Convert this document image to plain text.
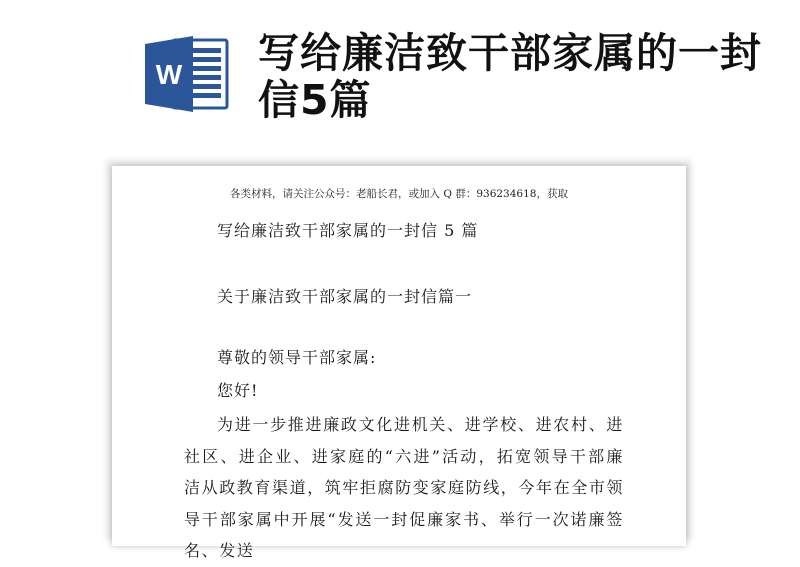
W 写给廉洁致干部家属的一封信5篇
各类材料，请关注公众号：老船长君，或加入 Q 群：936234618，获取
写给廉洁致干部家属的一封信 5 篇
关于廉洁致干部家属的一封信篇一
尊敬的领导干部家属:
您好!
为进一步推进廉政文化进机关、进学校、进农村、进社区、进企业、进家庭的“六进”活动，拓宽领导干部廉洁从政教育渠道，筑牢拒腐防变家庭防线，今年在全市领导干部家属中开展“发送一封促廉家书、举行一次诺廉签名、发送
